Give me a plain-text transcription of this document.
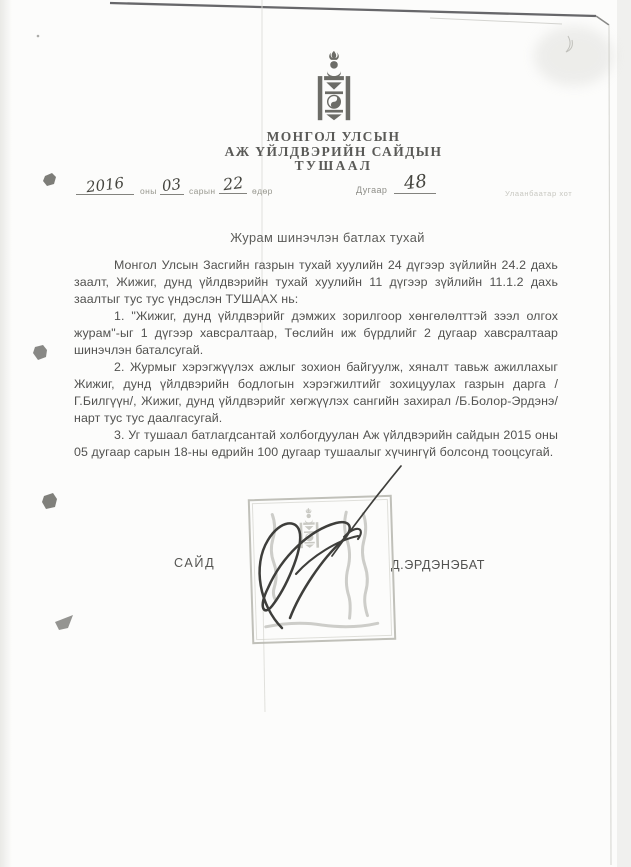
МОНГОЛ УЛСЫН
АЖ ҮЙЛДВЭРИЙН САЙДЫН
ТУШААЛ
2016	оны 03 сарын 22 өдөр	Дугаар 48	Улаанбаатар хот
Журам шинэчлэн батлах тухай

Монгол Улсын Засгийн газрын тухай хуулийн 24 дүгээр зүйлийн 24.2 дахь заалт, Жижиг, дунд үйлдвэрийн тухай хуулийн 11 дүгээр зүйлийн 11.1.2 дахь заалтыг тус тус үндэслэн ТУШААХ нь:

1. "Жижиг, дунд үйлдвэрийг дэмжих зорилгоор хөнгөлөлттэй зээл олгох журам"-ыг 1 дүгээр хавсралтаар, Төслийн иж бүрдлийг 2 дугаар хавсралтаар шинэчлэн баталсугай.

2. Журмыг хэрэгжүүлэх ажлыг зохион байгуулж, хяналт тавьж ажиллахыг Жижиг, дунд үйлдвэрийн бодлогын хэрэгжилтийг зохицуулах газрын дарга /Г.Билгүүн/, Жижиг, дунд үйлдвэрийг хөгжүүлэх сангийн захирал /Б.Болор-Эрдэнэ/ нарт тус тус даалгасугай.

3. Уг тушаал батлагдсантай холбогдуулан Аж үйлдвэрийн сайдын 2015 оны 05 дугаар сарын 18-ны өдрийн 100 дугаар тушаалыг хүчингүй болсонд тооцсугай.

САЙД	Д.ЭРДЭНЭБАТ
